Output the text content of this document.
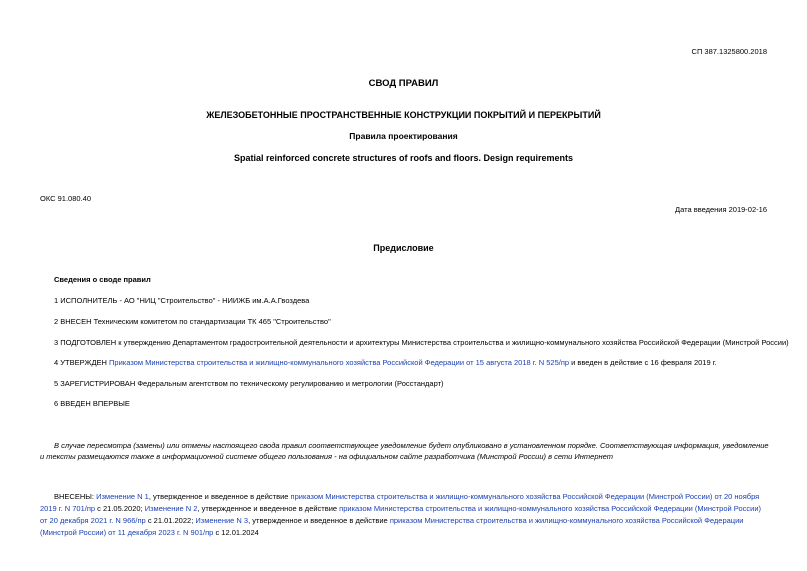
СП 387.1325800.2018
СВОД ПРАВИЛ
ЖЕЛЕЗОБЕТОННЫЕ ПРОСТРАНСТВЕННЫЕ КОНСТРУКЦИИ ПОКРЫТИЙ И ПЕРЕКРЫТИЙ
Правила проектирования
Spatial reinforced concrete structures of roofs and floors. Design requirements
ОКС 91.080.40
Дата введения 2019-02-16
Предисловие
Сведения о своде правил
1 ИСПОЛНИТЕЛЬ - АО "НИЦ "Строительство" - НИИЖБ им.А.А.Гвоздева
2 ВНЕСЕН Техническим комитетом по стандартизации ТК 465 "Строительство"
3 ПОДГОТОВЛЕН к утверждению Департаментом градостроительной деятельности и архитектуры Министерства строительства и жилищно-коммунального хозяйства Российской Федерации (Минстрой России)
4 УТВЕРЖДЕН Приказом Министерства строительства и жилищно-коммунального хозяйства Российской Федерации от 15 августа 2018 г. N 525/пр и введен в действие с 16 февраля 2019 г.
5 ЗАРЕГИСТРИРОВАН Федеральным агентством по техническому регулированию и метрологии (Росстандарт)
6 ВВЕДЕН ВПЕРВЫЕ
В случае пересмотра (замены) или отмены настоящего свода правил соответствующее уведомление будет опубликовано в установленном порядке. Соответствующая информация, уведомление и тексты размещаются также в информационной системе общего пользования - на официальном сайте разработчика (Минстрой России) в сети Интернет
ВНЕСЕНЫ: Изменение N 1, утвержденное и введенное в действие приказом Министерства строительства и жилищно-коммунального хозяйства Российской Федерации (Минстрой России) от 20 ноября 2019 г. N 701/пр с 21.05.2020; Изменение N 2, утвержденное и введенное в действие приказом Министерства строительства и жилищно-коммунального хозяйства Российской Федерации (Минстрой России) от 20 декабря 2021 г. N 966/пр с 21.01.2022; Изменение N 3, утвержденное и введенное в действие приказом Министерства строительства и жилищно-коммунального хозяйства Российской Федерации (Минстрой России) от 11 декабря 2023 г. N 901/пр с 12.01.2024
